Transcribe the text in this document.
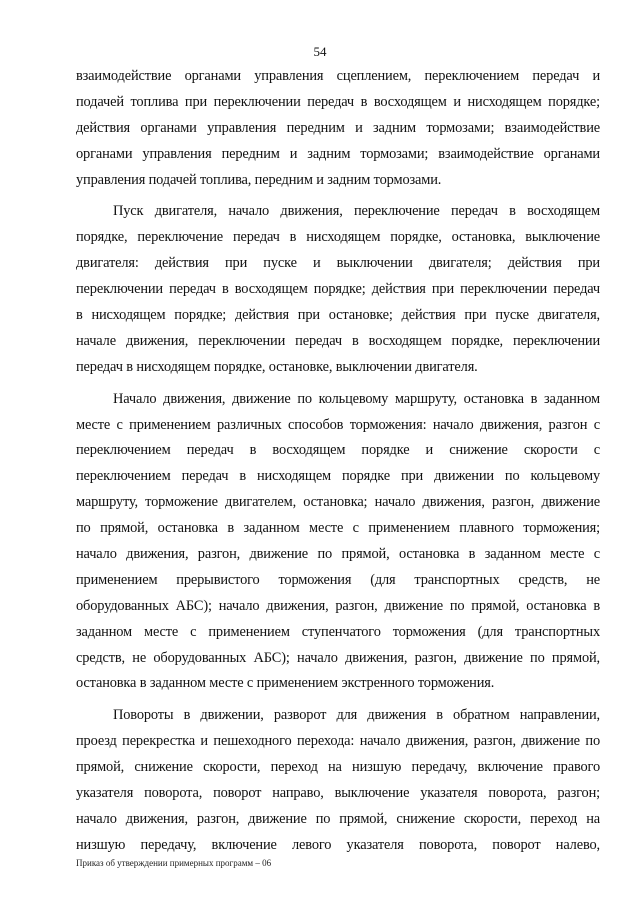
54

взаимодействие органами управления сцеплением, переключением передач и
подачей топлива при переключении передач в восходящем и нисходящем порядке;
действия органами управления передним и задним тормозами; взаимодействие
органами управления передним и задним тормозами; взаимодействие органами
управления подачей топлива, передним и задним тормозами.

Пуск двигателя, начало движения, переключение передач в восходящем
порядке, переключение передач в нисходящем порядке, остановка, выключение
двигателя: действия при пуске и выключении двигателя; действия при
переключении передач в восходящем порядке; действия при переключении передач
в нисходящем порядке; действия при остановке; действия при пуске двигателя,
начале движения, переключении передач в восходящем порядке, переключении
передач в нисходящем порядке, остановке, выключении двигателя.

Начало движения, движение по кольцевому маршруту, остановка в заданном
месте с применением различных способов торможения: начало движения, разгон с
переключением передач в восходящем порядке и снижение скорости с
переключением передач в нисходящем порядке при движении по кольцевому
маршруту, торможение двигателем, остановка; начало движения, разгон, движение
по прямой, остановка в заданном месте с применением плавного торможения;
начало движения, разгон, движение по прямой, остановка в заданном месте с
применением прерывистого торможения (для транспортных средств, не
оборудованных АБС); начало движения, разгон, движение по прямой, остановка в
заданном месте с применением ступенчатого торможения (для транспортных
средств, не оборудованных АБС); начало движения, разгон, движение по прямой,
остановка в заданном месте с применением экстренного торможения.

Повороты в движении, разворот для движения в обратном направлении,
проезд перекрестка и пешеходного перехода: начало движения, разгон, движение по
прямой, снижение скорости, переход на низшую передачу, включение правого
указателя поворота, поворот направо, выключение указателя поворота, разгон;
начало движения, разгон, движение по прямой, снижение скорости, переход на
низшую передачу, включение левого указателя поворота, поворот налево,

Приказ об утверждении примерных программ – 06
